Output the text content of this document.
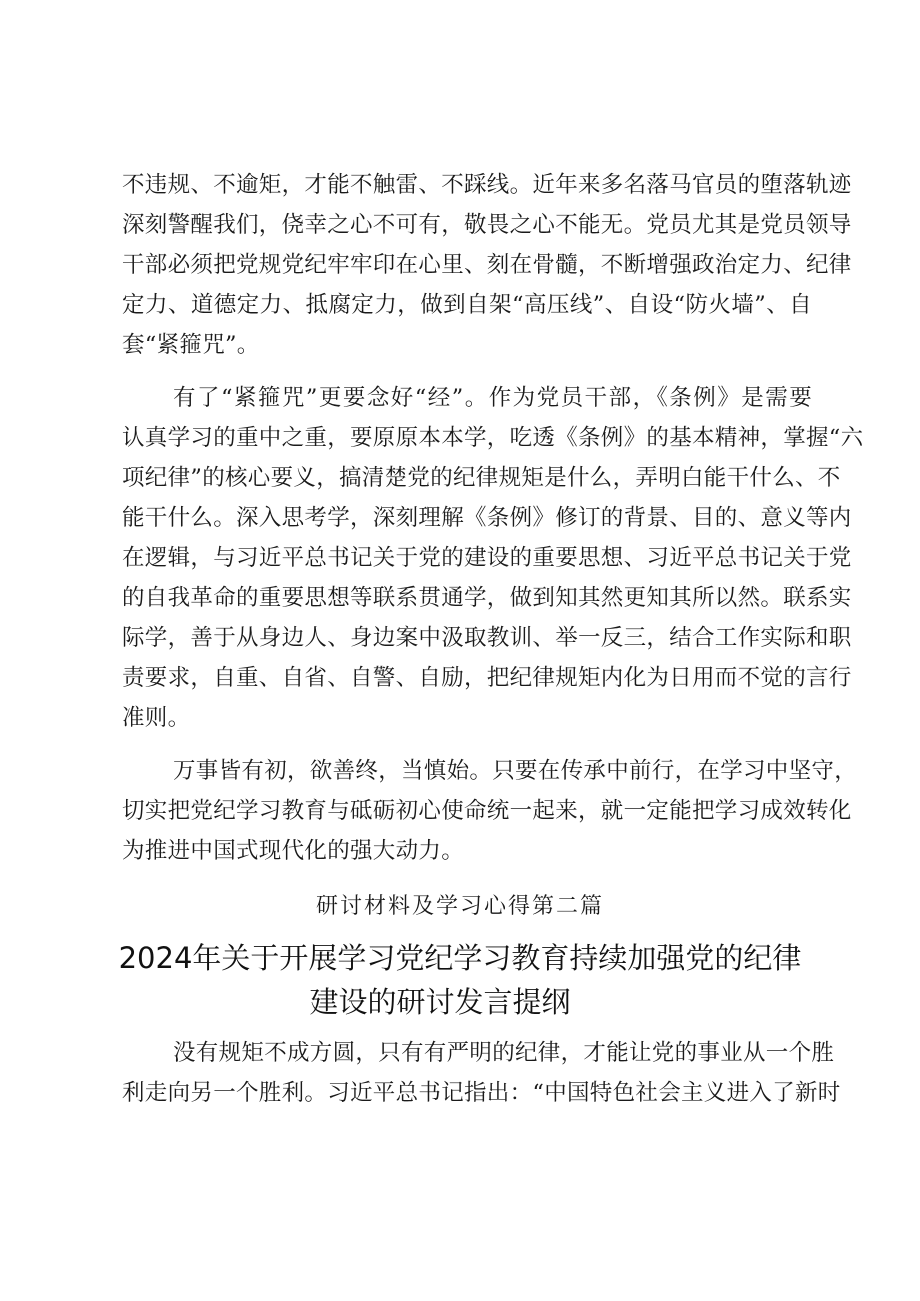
不违规、不逾矩，才能不触雷、不踩线。近年来多名落马官员的堕落轨迹
深刻警醒我们，侥幸之心不可有，敬畏之心不能无。党员尤其是党员领导
干部必须把党规党纪牢牢印在心里、刻在骨髓，不断增强政治定力、纪律
定力、道德定力、抵腐定力，做到自架“高压线”、自设“防火墙”、自
套“紧箍咒”。
有了“紧箍咒”更要念好“经”。作为党员干部，《条例》是需要
认真学习的重中之重，要原原本本学，吃透《条例》的基本精神，掌握“六
项纪律”的核心要义，搞清楚党的纪律规矩是什么，弄明白能干什么、不
能干什么。深入思考学，深刻理解《条例》修订的背景、目的、意义等内
在逻辑，与习近平总书记关于党的建设的重要思想、习近平总书记关于党
的自我革命的重要思想等联系贯通学，做到知其然更知其所以然。联系实
际学，善于从身边人、身边案中汲取教训、举一反三，结合工作实际和职
责要求，自重、自省、自警、自励，把纪律规矩内化为日用而不觉的言行
准则。
万事皆有初，欲善终，当慎始。只要在传承中前行，在学习中坚守，
切实把党纪学习教育与砥砺初心使命统一起来，就一定能把学习成效转化
为推进中国式现代化的强大动力。
研讨材料及学习心得第二篇
2024年关于开展学习党纪学习教育持续加强党的纪律
建设的研讨发言提纲
没有规矩不成方圆，只有有严明的纪律，才能让党的事业从一个胜
利走向另一个胜利。习近平总书记指出：“中国特色社会主义进入了新时
